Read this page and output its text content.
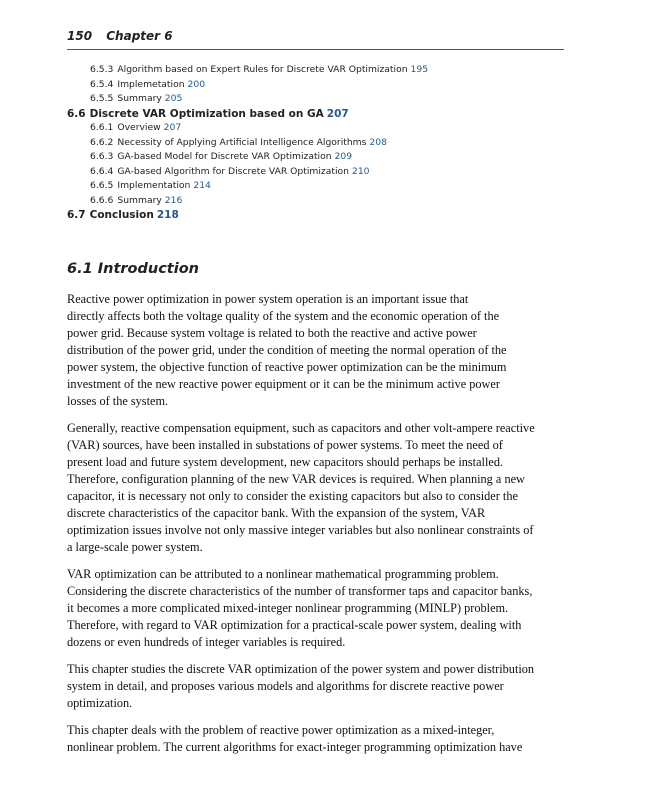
150 Chapter 6
6.5.3 Algorithm based on Expert Rules for Discrete VAR Optimization 195
6.5.4 Implemetation 200
6.5.5 Summary 205
6.6 Discrete VAR Optimization based on GA 207
6.6.1 Overview 207
6.6.2 Necessity of Applying Artificial Intelligence Algorithms 208
6.6.3 GA-based Model for Discrete VAR Optimization 209
6.6.4 GA-based Algorithm for Discrete VAR Optimization 210
6.6.5 Implementation 214
6.6.6 Summary 216
6.7 Conclusion 218
6.1 Introduction

Reactive power optimization in power system operation is an important issue that
directly affects both the voltage quality of the system and the economic operation of the
power grid. Because system voltage is related to both the reactive and active power
distribution of the power grid, under the condition of meeting the normal operation of the
power system, the objective function of reactive power optimization can be the minimum
investment of the new reactive power equipment or it can be the minimum active power
losses of the system.

Generally, reactive compensation equipment, such as capacitors and other volt-ampere reactive
(VAR) sources, have been installed in substations of power systems. To meet the need of
present load and future system development, new capacitors should perhaps be installed.
Therefore, configuration planning of the new VAR devices is required. When planning a new
capacitor, it is necessary not only to consider the existing capacitors but also to consider the
discrete characteristics of the capacitor bank. With the expansion of the system, VAR
optimization issues involve not only massive integer variables but also nonlinear constraints of
a large-scale power system.

VAR optimization can be attributed to a nonlinear mathematical programming problem.
Considering the discrete characteristics of the number of transformer taps and capacitor banks,
it becomes a more complicated mixed-integer nonlinear programming (MINLP) problem.
Therefore, with regard to VAR optimization for a practical-scale power system, dealing with
dozens or even hundreds of integer variables is required.

This chapter studies the discrete VAR optimization of the power system and power distribution
system in detail, and proposes various models and algorithms for discrete reactive power
optimization.

This chapter deals with the problem of reactive power optimization as a mixed-integer,
nonlinear problem. The current algorithms for exact-integer programming optimization have
